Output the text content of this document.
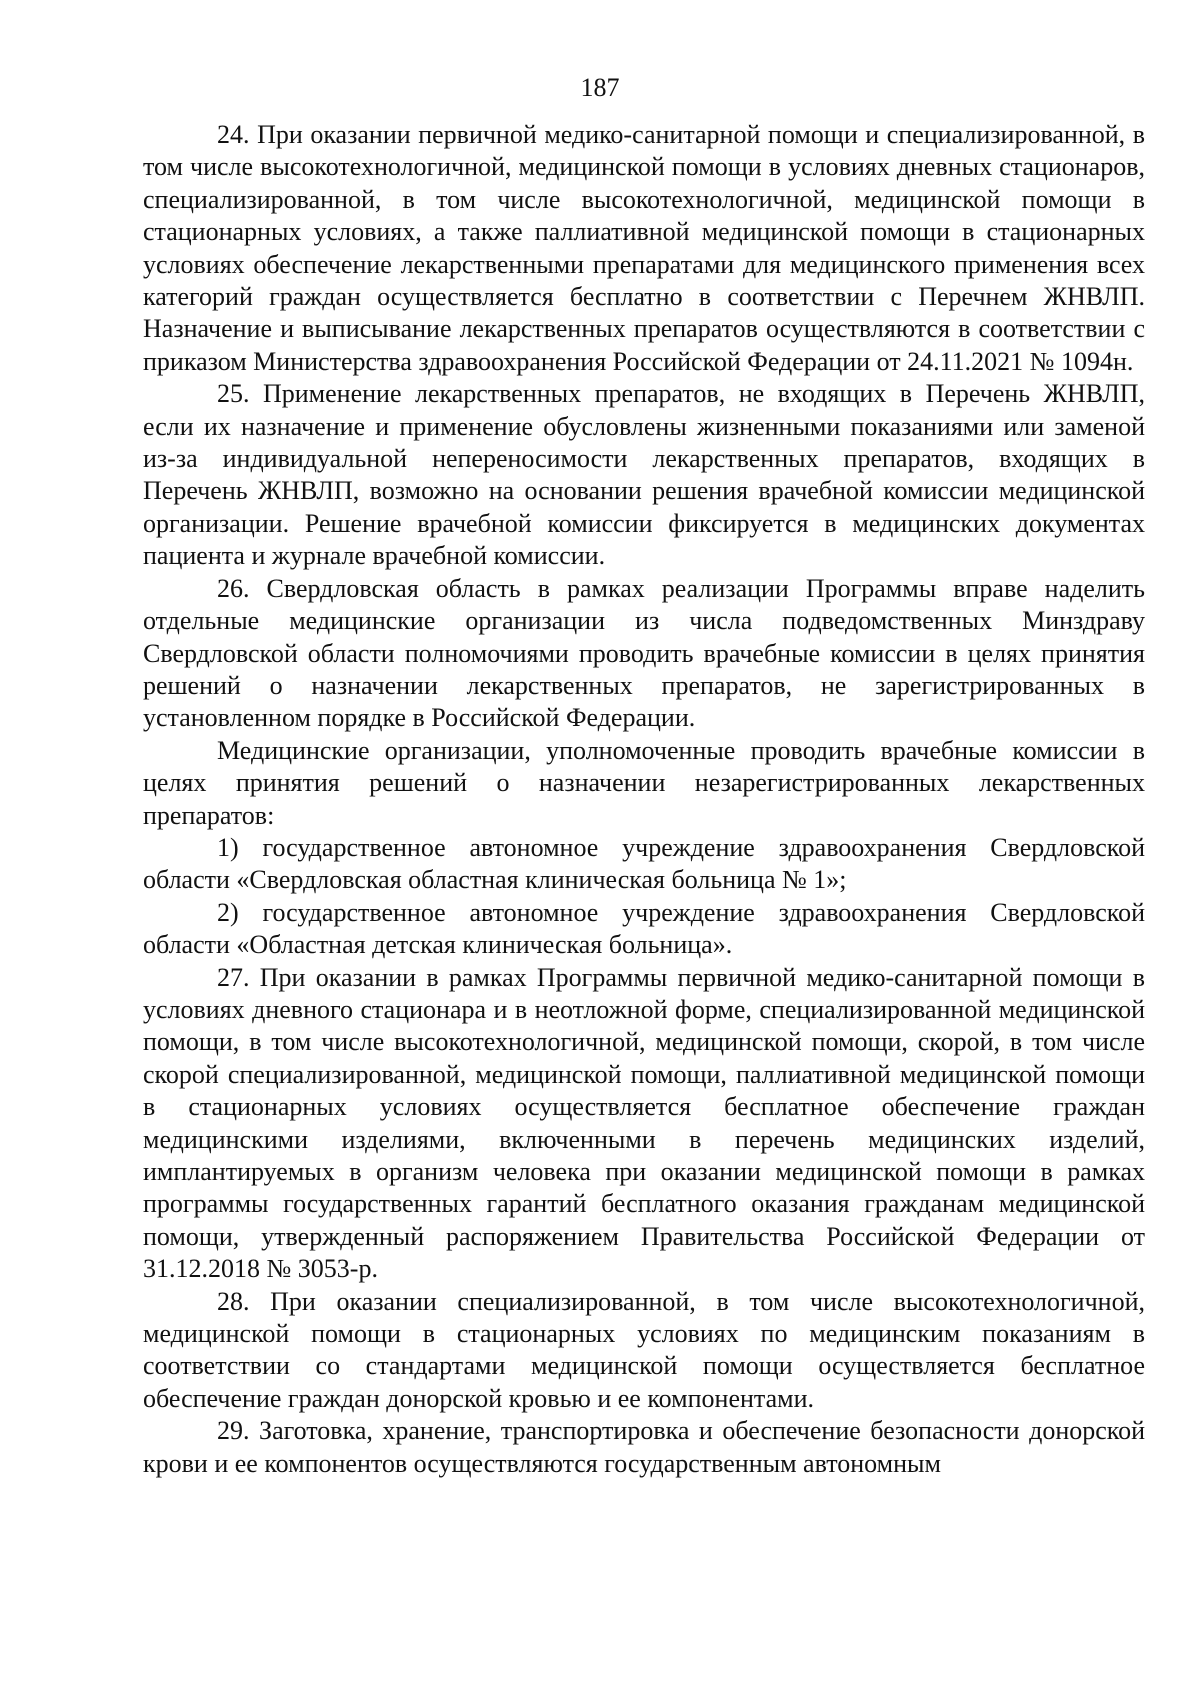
187

24. При оказании первичной медико-санитарной помощи и специализированной, в том числе высокотехнологичной, медицинской помощи в условиях дневных стационаров, специализированной, в том числе высокотехнологичной, медицинской помощи в стационарных условиях, а также паллиативной медицинской помощи в стационарных условиях обеспечение лекарственными препаратами для медицинского применения всех категорий граждан осуществляется бесплатно в соответствии с Перечнем ЖНВЛП. Назначение и выписывание лекарственных препаратов осуществляются в соответствии с приказом Министерства здравоохранения Российской Федерации от 24.11.2021 № 1094н.

25. Применение лекарственных препаратов, не входящих в Перечень ЖНВЛП, если их назначение и применение обусловлены жизненными показаниями или заменой из-за индивидуальной непереносимости лекарственных препаратов, входящих в Перечень ЖНВЛП, возможно на основании решения врачебной комиссии медицинской организации. Решение врачебной комиссии фиксируется в медицинских документах пациента и журнале врачебной комиссии.

26. Свердловская область в рамках реализации Программы вправе наделить отдельные медицинские организации из числа подведомственных Минздраву Свердловской области полномочиями проводить врачебные комиссии в целях принятия решений о назначении лекарственных препаратов, не зарегистрированных в установленном порядке в Российской Федерации.

Медицинские организации, уполномоченные проводить врачебные комиссии в целях принятия решений о назначении незарегистрированных лекарственных препаратов:

1) государственное автономное учреждение здравоохранения Свердловской области «Свердловская областная клиническая больница № 1»;

2) государственное автономное учреждение здравоохранения Свердловской области «Областная детская клиническая больница».

27. При оказании в рамках Программы первичной медико-санитарной помощи в условиях дневного стационара и в неотложной форме, специализированной медицинской помощи, в том числе высокотехнологичной, медицинской помощи, скорой, в том числе скорой специализированной, медицинской помощи, паллиативной медицинской помощи в стационарных условиях осуществляется бесплатное обеспечение граждан медицинскими изделиями, включенными в перечень медицинских изделий, имплантируемых в организм человека при оказании медицинской помощи в рамках программы государственных гарантий бесплатного оказания гражданам медицинской помощи, утвержденный распоряжением Правительства Российской Федерации от 31.12.2018 № 3053-р.

28. При оказании специализированной, в том числе высокотехнологичной, медицинской помощи в стационарных условиях по медицинским показаниям в соответствии со стандартами медицинской помощи осуществляется бесплатное обеспечение граждан донорской кровью и ее компонентами.

29. Заготовка, хранение, транспортировка и обеспечение безопасности донорской крови и ее компонентов осуществляются государственным автономным
